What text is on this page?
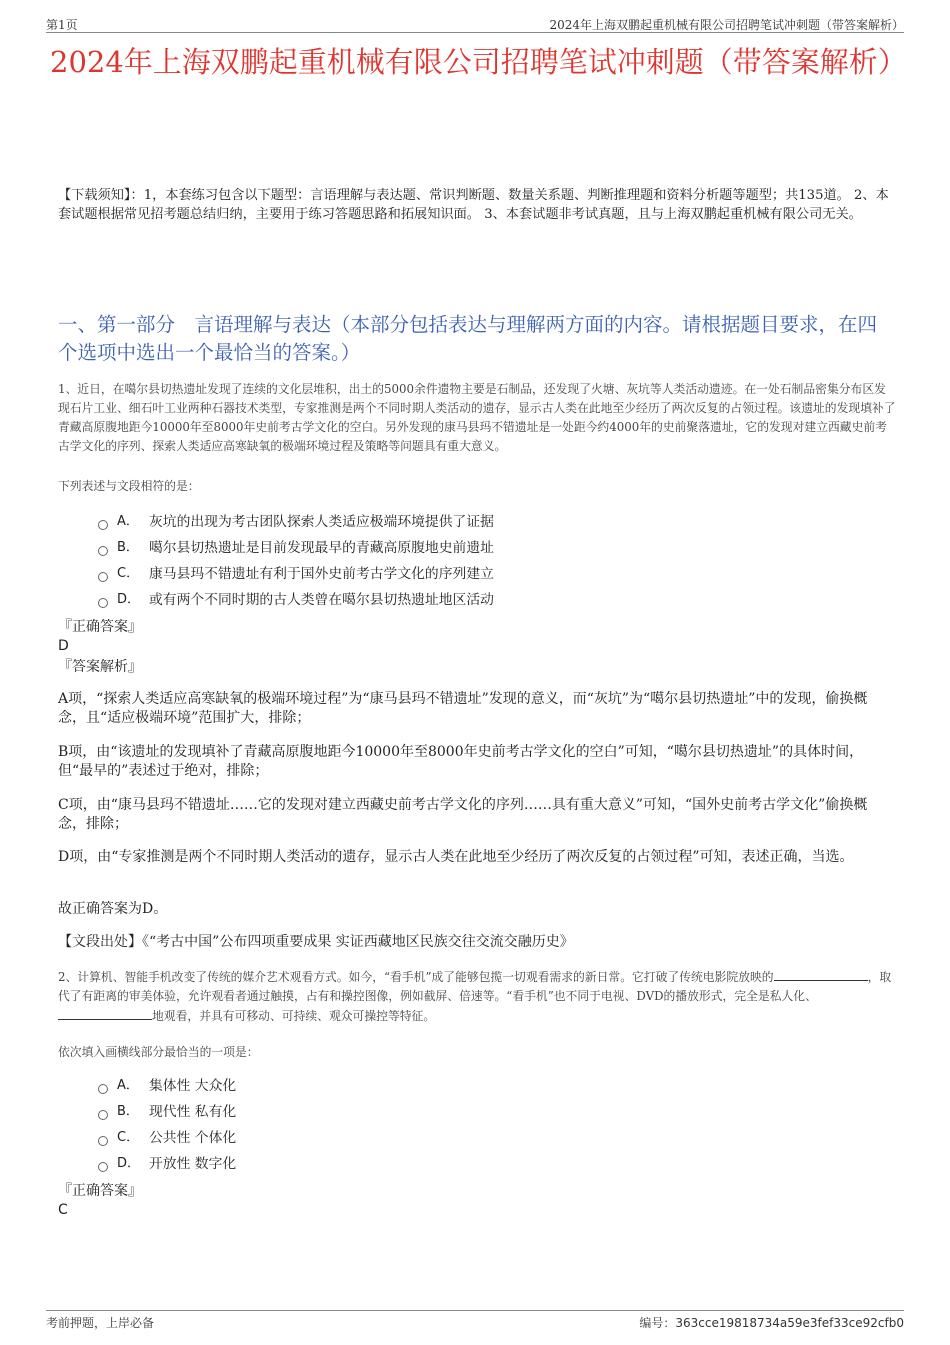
第1页	2024年上海双鹏起重机械有限公司招聘笔试冲刺题（带答案解析）
2024年上海双鹏起重机械有限公司招聘笔试冲刺题（带答案解析）
【下载须知】：1，本套练习包含以下题型：言语理解与表达题、常识判断题、数量关系题、判断推理题和资料分析题等题型；共135道。 2、本套试题根据常见招考题总结归纳，主要用于练习答题思路和拓展知识面。 3、本套试题非考试真题，且与上海双鹏起重机械有限公司无关。
一、第一部分　言语理解与表达（本部分包括表达与理解两方面的内容。请根据题目要求，在四个选项中选出一个最恰当的答案。）
1、近日，在噶尔县切热遗址发现了连续的文化层堆积，出土的5000余件遗物主要是石制品，还发现了火塘、灰坑等人类活动遗迹。在一处石制品密集分布区发现石片工业、细石叶工业两种石器技术类型，专家推测是两个不同时期人类活动的遗存，显示古人类在此地至少经历了两次反复的占领过程。该遗址的发现填补了青藏高原腹地距今10000年至8000年史前考古学文化的空白。另外发现的康马县玛不错遗址是一处距今约4000年的史前聚落遗址，它的发现对建立西藏史前考古学文化的序列、探索人类适应高寒缺氧的极端环境过程及策略等问题具有重大意义。
下列表述与文段相符的是：
A． 灰坑的出现为考古团队探索人类适应极端环境提供了证据
B． 噶尔县切热遗址是目前发现最早的青藏高原腹地史前遗址
C． 康马县玛不错遗址有利于国外史前考古学文化的序列建立
D． 或有两个不同时期的古人类曾在噶尔县切热遗址地区活动
『正确答案』
D
『答案解析』
A项，“探索人类适应高寒缺氧的极端环境过程”为“康马县玛不错遗址”发现的意义，而“灰坑”为“噶尔县切热遗址”中的发现，偷换概念，且“适应极端环境”范围扩大，排除；
B项，由“该遗址的发现填补了青藏高原腹地距今10000年至8000年史前考古学文化的空白”可知，“噶尔县切热遗址”的具体时间，但“最早的”表述过于绝对，排除；
C项，由“康马县玛不错遗址……它的发现对建立西藏史前考古学文化的序列……具有重大意义”可知，“国外史前考古学文化”偷换概念，排除；
D项，由“专家推测是两个不同时期人类活动的遗存，显示古人类在此地至少经历了两次反复的占领过程”可知，表述正确，当选。
故正确答案为D。
【文段出处】《“考古中国”公布四项重要成果 实证西藏地区民族交往交流交融历史》
2、计算机、智能手机改变了传统的媒介艺术观看方式。如今，“看手机”成了能够包揽一切观看需求的新日常。它打破了传统电影院放映的	，取代了有距离的审美体验，允许观看者通过触摸，占有和操控图像，例如截屏、倍速等。“看手机”也不同于电视、DVD的播放形式，完全是私人化、地观看，并具有可移动、可持续、观众可操控等特征。
依次填入画横线部分最恰当的一项是：
A． 集体性 大众化
B． 现代性 私有化
C． 公共性 个体化
D． 开放性 数字化
『正确答案』
C
考前押题，上岸必备	编号：363cce19818734a59e3fef33ce92cfb0
